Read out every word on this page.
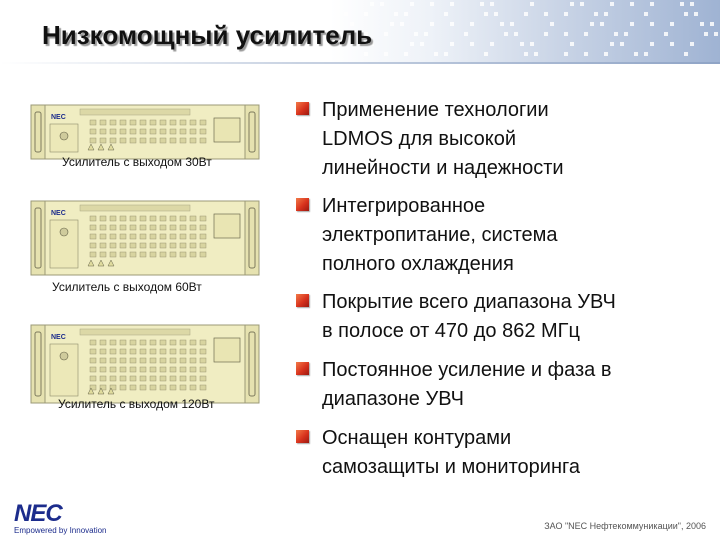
Низкомощный усилитель
NEC
Усилитель с выходом 30Вт
NEC
Усилитель с выходом 60Вт
NEC
Усилитель с выходом 120Вт
Применение технологии
LDMOS для высокой
линейности и надежности
Интегрированное
электропитание, система
полного охлаждения
Покрытие всего диапазона УВЧ
в полосе от 470 до 862 МГц
Постоянное усиление и фаза в
диапазоне УВЧ
Оснащен контурами
самозащиты и мониторинга
NEC
Empowered by Innovation	ЗАО "NEC Нефтекоммуникации", 2006
